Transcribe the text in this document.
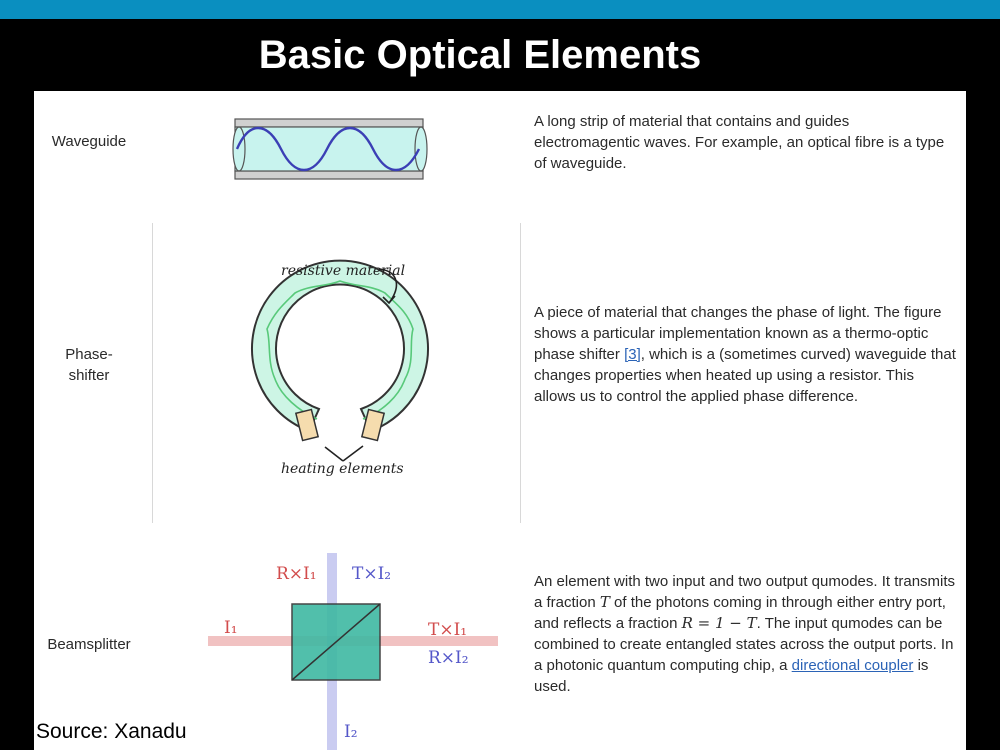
Basic Optical Elements
Waveguide
A long strip of material that contains and guides electromagentic waves. For example, an optical fibre is a type of waveguide.
Phase-
shifter
resistive material
heating elements
A piece of material that changes the phase of light. The figure shows a particular implementation known as a thermo-optic phase shifter [3], which is a (sometimes curved) waveguide that changes properties when heated up using a resistor. This allows us to control the applied phase difference.
Beamsplitter
R×I₁ T×I₂
I₁	T×I₁
R×I₂
I₂
An element with two input and two output qumodes. It transmits a fraction T of the photons coming in through either entry port, and reflects a fraction R = 1 − T. The input qumodes can be combined to create entangled states across the output ports. In a photonic quantum computing chip, a directional coupler is used.
Source: Xanadu
